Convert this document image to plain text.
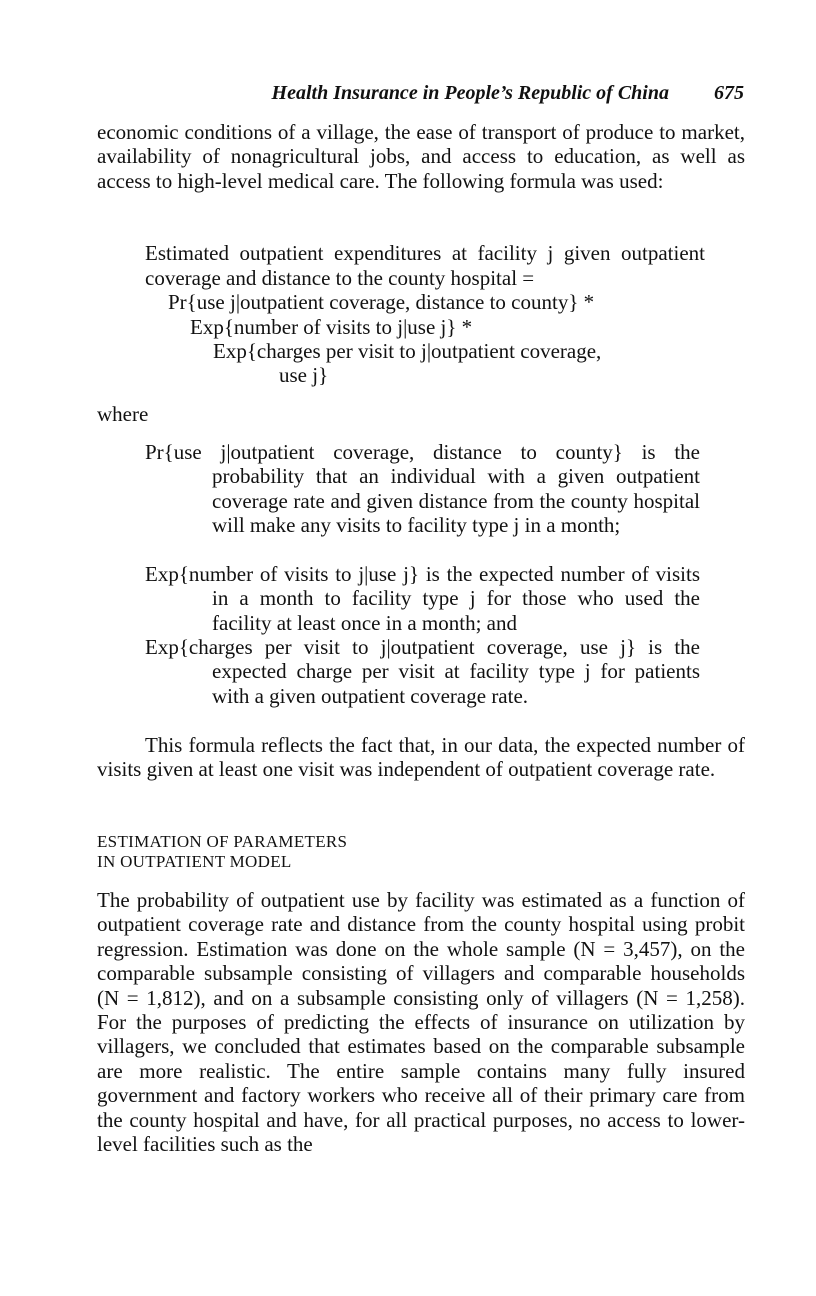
Health Insurance in People’s Republic of China 675

economic conditions of a village, the ease of transport of produce to market, availability of nonagricultural jobs, and access to education, as well as access to high-level medical care. The following formula was used:

Estimated outpatient expenditures at facility j given outpatient coverage and distance to the county hospital =
Pr{use j|outpatient coverage, distance to county} *
Exp{number of visits to j|use j} *
Exp{charges per visit to j|outpatient coverage,
use j}
where
Pr{use j|outpatient coverage, distance to county} is the probability that an individual with a given outpatient coverage rate and given distance from the county hospital will make any visits to facility type j in a month;
Exp{number of visits to j|use j} is the expected number of visits in a month to facility type j for those who used the facility at least once in a month; and
Exp{charges per visit to j|outpatient coverage, use j} is the expected charge per visit at facility type j for patients with a given outpatient coverage rate.

This formula reflects the fact that, in our data, the expected number of visits given at least one visit was independent of outpatient coverage rate.

ESTIMATION OF PARAMETERS
IN OUTPATIENT MODEL

The probability of outpatient use by facility was estimated as a function of outpatient coverage rate and distance from the county hospital using probit regression. Estimation was done on the whole sample (N = 3,457), on the comparable subsample consisting of villagers and comparable households (N = 1,812), and on a subsample consisting only of villagers (N = 1,258). For the purposes of predicting the effects of insurance on utilization by villagers, we concluded that estimates based on the comparable subsample are more realistic. The entire sample contains many fully insured government and factory workers who receive all of their primary care from the county hospital and have, for all practical purposes, no access to lower-level facilities such as the
